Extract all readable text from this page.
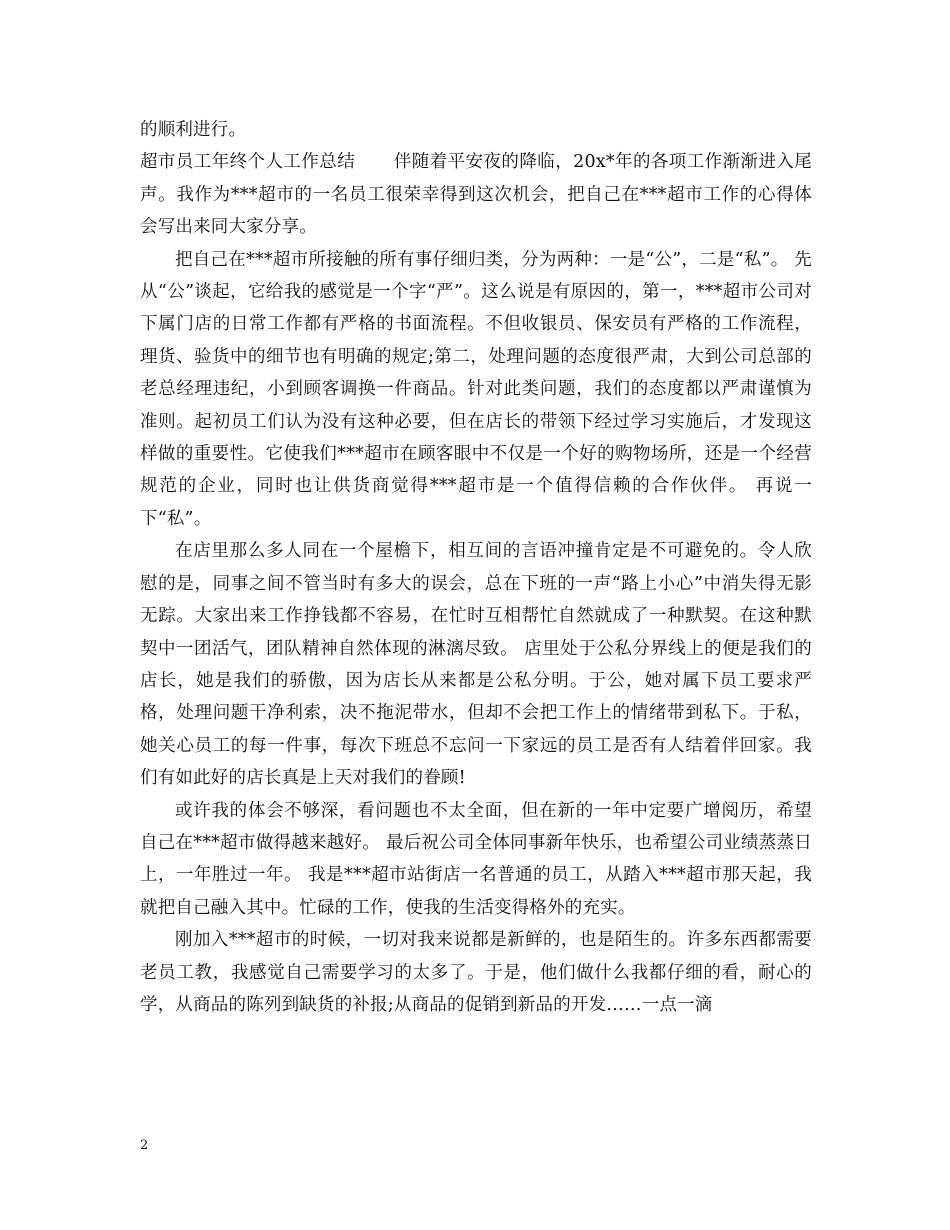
的顺利进行。

超市员工年终个人工作总结 伴随着平安夜的降临，20x*年的各项工作渐渐进入尾声。我作为***超市的一名员工很荣幸得到这次机会，把自己在***超市工作的心得体会写出来同大家分享。

把自己在***超市所接触的所有事仔细归类，分为两种：一是“公”，二是“私”。 先从“公”谈起，它给我的感觉是一个字“严”。这么说是有原因的，第一，***超市公司对下属门店的日常工作都有严格的书面流程。不但收银员、保安员有严格的工作流程，理货、验货中的细节也有明确的规定;第二，处理问题的态度很严肃，大到公司总部的老总经理违纪，小到顾客调换一件商品。针对此类问题，我们的态度都以严肃谨慎为准则。起初员工们认为没有这种必要，但在店长的带领下经过学习实施后，才发现这样做的重要性。它使我们***超市在顾客眼中不仅是一个好的购物场所，还是一个经营规范的企业，同时也让供货商觉得***超市是一个值得信赖的合作伙伴。 再说一下“私”。

在店里那么多人同在一个屋檐下，相互间的言语冲撞肯定是不可避免的。令人欣慰的是，同事之间不管当时有多大的误会，总在下班的一声“路上小心”中消失得无影无踪。大家出来工作挣钱都不容易，在忙时互相帮忙自然就成了一种默契。在这种默契中一团活气，团队精神自然体现的淋漓尽致。 店里处于公私分界线上的便是我们的店长，她是我们的骄傲，因为店长从来都是公私分明。于公，她对属下员工要求严格，处理问题干净利索，决不拖泥带水，但却不会把工作上的情绪带到私下。于私，她关心员工的每一件事，每次下班总不忘问一下家远的员工是否有人结着伴回家。我们有如此好的店长真是上天对我们的眷顾!

或许我的体会不够深，看问题也不太全面，但在新的一年中定要广增阅历，希望自己在***超市做得越来越好。 最后祝公司全体同事新年快乐，也希望公司业绩蒸蒸日上，一年胜过一年。 我是***超市站街店一名普通的员工，从踏入***超市那天起，我就把自己融入其中。忙碌的工作，使我的生活变得格外的充实。

刚加入***超市的时候，一切对我来说都是新鲜的，也是陌生的。许多东西都需要老员工教，我感觉自己需要学习的太多了。于是，他们做什么我都仔细的看，耐心的学，从商品的陈列到缺货的补报;从商品的促销到新品的开发……一点一滴

2
